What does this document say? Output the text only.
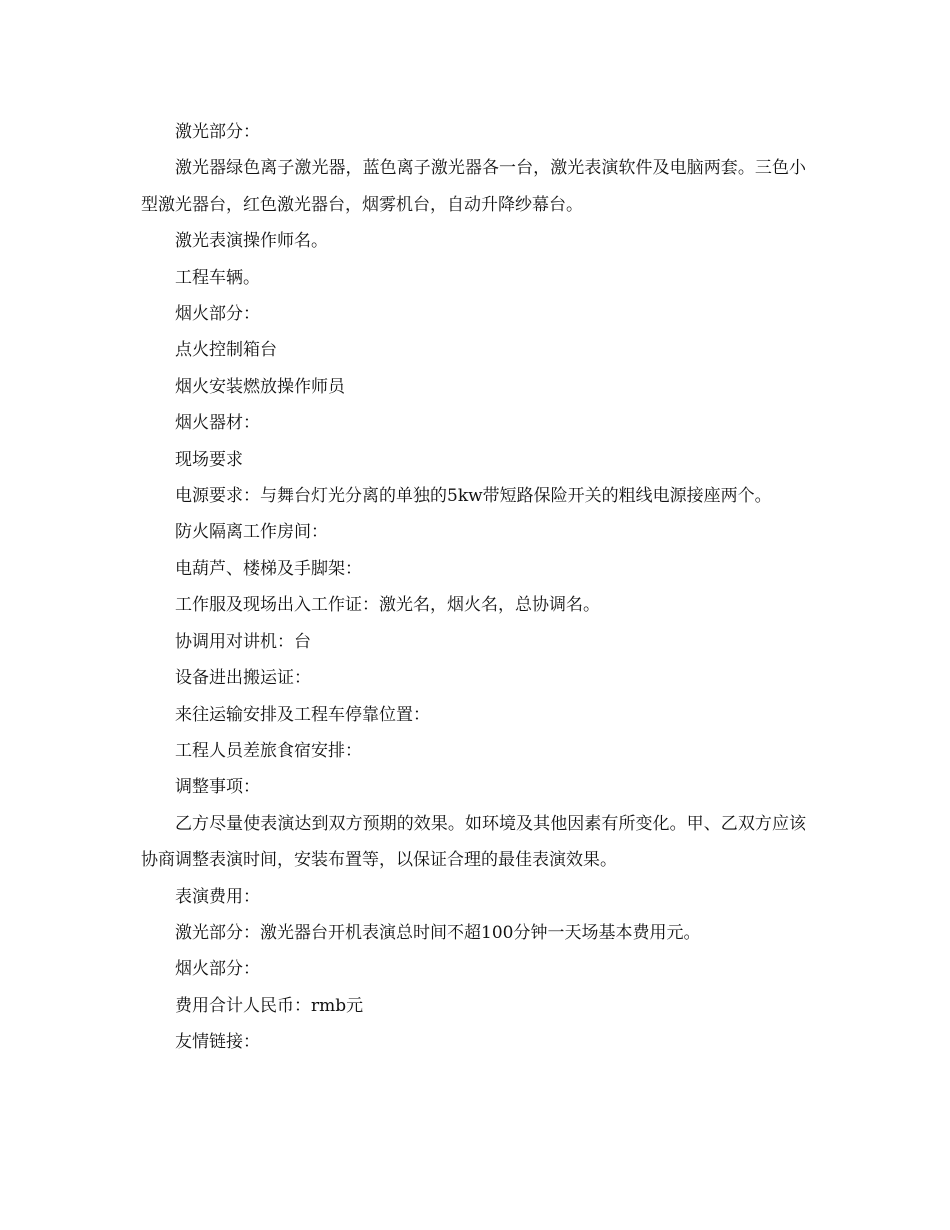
激光部分：

激光器绿色离子激光器，蓝色离子激光器各一台，激光表演软件及电脑两套。三色小型激光器台，红色激光器台，烟雾机台，自动升降纱幕台。

激光表演操作师名。

工程车辆。

烟火部分：

点火控制箱台

烟火安装燃放操作师员

烟火器材：

现场要求

电源要求：与舞台灯光分离的单独的5kw带短路保险开关的粗线电源接座两个。

防火隔离工作房间：

电葫芦、楼梯及手脚架：

工作服及现场出入工作证：激光名，烟火名，总协调名。

协调用对讲机：台

设备进出搬运证：

来往运输安排及工程车停靠位置：

工程人员差旅食宿安排：

调整事项：

乙方尽量使表演达到双方预期的效果。如环境及其他因素有所变化。甲、乙双方应该协商调整表演时间，安装布置等，以保证合理的最佳表演效果。

表演费用：

激光部分：激光器台开机表演总时间不超100分钟一天场基本费用元。

烟火部分：

费用合计人民币：rmb元

友情链接：
